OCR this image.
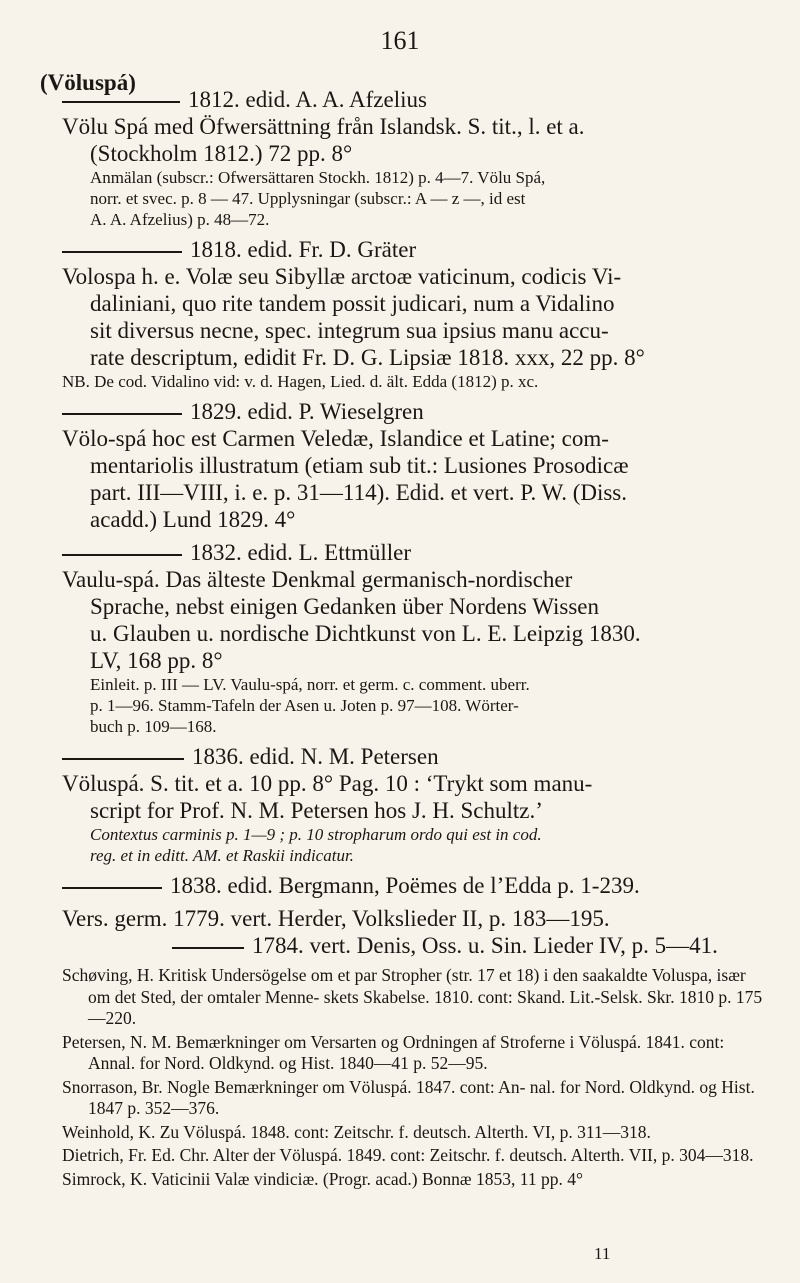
161
(Völuspá)
1812. edid. A. A. Afzelius
Völu Spá med Öfwersättning från Islandsk. S. tit., l. et a.
(Stockholm 1812.) 72 pp. 8°
Anmälan (subscr.: Ofwersättaren Stockh. 1812) p. 4—7. Völu Spá,
norr. et svec. p. 8 — 47. Upplysningar (subscr.: A — z —, id est
A. A. Afzelius) p. 48—72.
1818. edid. Fr. D. Gräter
Volospa h. e. Volæ seu Sibyllæ arctoæ vaticinum, codicis Vi-
daliniani, quo rite tandem possit judicari, num a Vidalino
sit diversus necne, spec. integrum sua ipsius manu accu-
rate descriptum, edidit Fr. D. G. Lipsiæ 1818. xxx, 22 pp. 8°
NB. De cod. Vidalino vid: v. d. Hagen, Lied. d. ält. Edda (1812) p. xc.
1829. edid. P. Wieselgren
Völo-spá hoc est Carmen Veledæ, Islandice et Latine; com-
mentariolis illustratum (etiam sub tit.: Lusiones Prosodicæ
part. III—VIII, i. e. p. 31—114). Edid. et vert. P. W. (Diss.
acadd.) Lund 1829. 4°
1832. edid. L. Ettmüller
Vaulu-spá. Das älteste Denkmal germanisch-nordischer
Sprache, nebst einigen Gedanken über Nordens Wissen
u. Glauben u. nordische Dichtkunst von L. E. Leipzig 1830.
LV, 168 pp. 8°
Einleit. p. III — LV. Vaulu-spá, norr. et germ. c. comment. uberr.
p. 1—96. Stamm-Tafeln der Asen u. Joten p. 97—108. Wörter-
buch p. 109—168.
1836. edid. N. M. Petersen
Völuspá. S. tit. et a. 10 pp. 8° Pag. 10 : ‘Trykt som manu-
script for Prof. N. M. Petersen hos J. H. Schultz.’
Contextus carminis p. 1—9 ; p. 10 stropharum ordo qui est in cod.
reg. et in editt. AM. et Raskii indicatur.
1838. edid. Bergmann, Poëmes de l’Edda p. 1-239.
Vers. germ. 1779. vert. Herder, Volkslieder II, p. 183—195.
1784. vert. Denis, Oss. u. Sin. Lieder IV, p. 5—41.
Schøving, H. Kritisk Undersögelse om et par Stropher (str. 17 et 18) i den saakaldte Voluspa, især om det Sted, der omtaler Menne- skets Skabelse. 1810. cont: Skand. Lit.-Selsk. Skr. 1810 p. 175—220.
Petersen, N. M. Bemærkninger om Versarten og Ordningen af Stroferne i Völuspá. 1841. cont: Annal. for Nord. Oldkynd. og Hist. 1840—41 p. 52—95.
Snorrason, Br. Nogle Bemærkninger om Völuspá. 1847. cont: An- nal. for Nord. Oldkynd. og Hist. 1847 p. 352—376.
Weinhold, K. Zu Völuspá. 1848. cont: Zeitschr. f. deutsch. Alterth. VI, p. 311—318.
Dietrich, Fr. Ed. Chr. Alter der Völuspá. 1849. cont: Zeitschr. f. deutsch. Alterth. VII, p. 304—318.
Simrock, K. Vaticinii Valæ vindiciæ. (Progr. acad.) Bonnæ 1853, 11 pp. 4°
11
